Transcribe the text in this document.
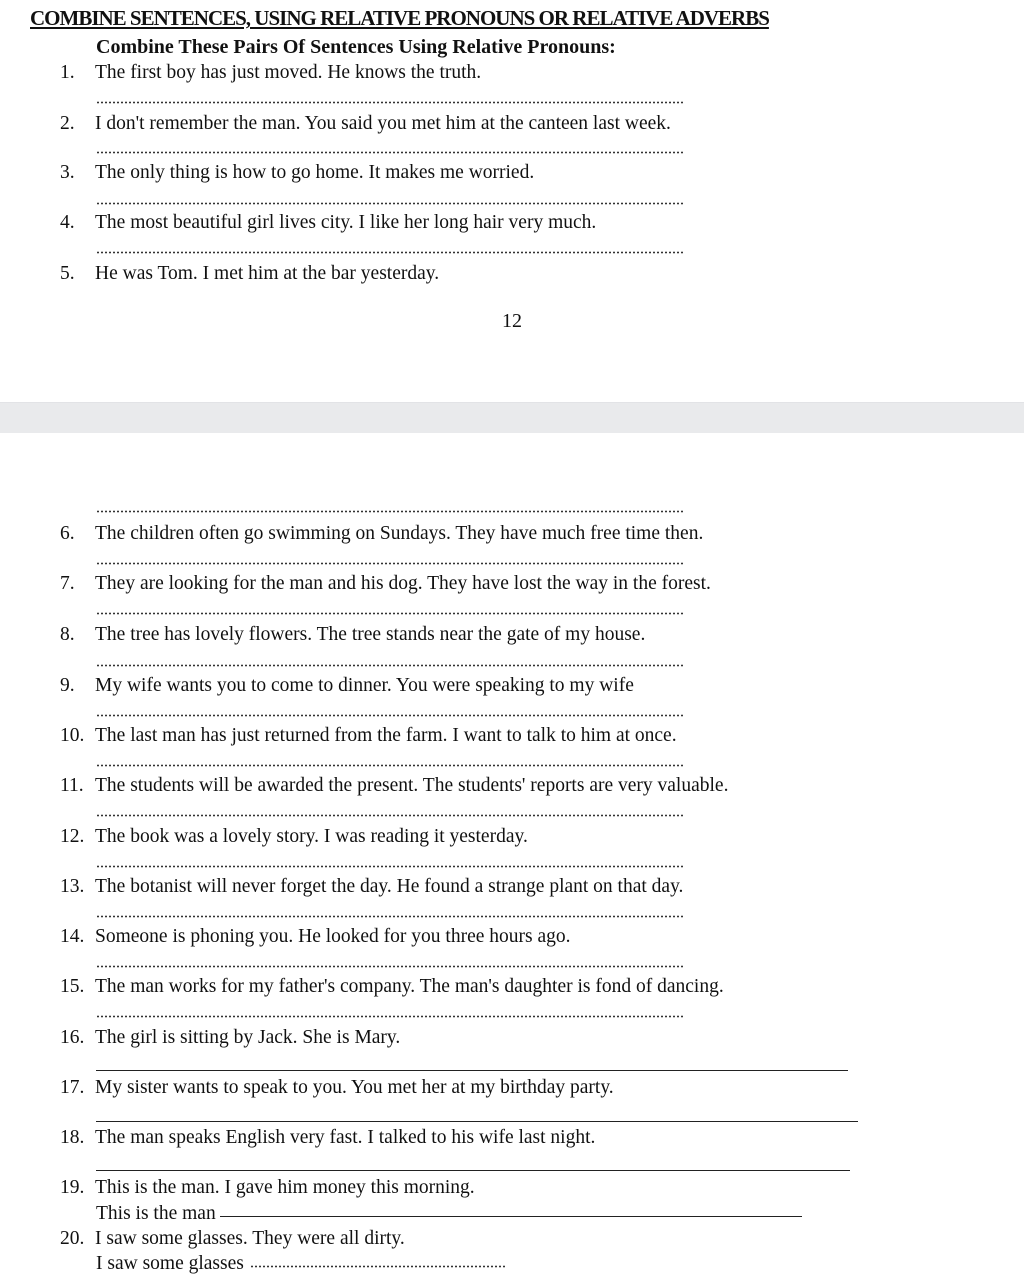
COMBINE SENTENCES, USING RELATIVE PRONOUNS OR RELATIVE ADVERBS
Combine These Pairs Of Sentences Using Relative Pronouns:
1. The first boy has just moved. He knows the truth.
2. I don't remember the man. You said you met him at the canteen last week.
3. The only thing is how to go home. It makes me worried.
4. The most beautiful girl lives city. I like her long hair very much.
5. He was Tom. I met him at the bar yesterday.
12
6. The children often go swimming on Sundays. They have much free time then.
7. They are looking for the man and his dog. They have lost the way in the forest.
8. The tree has lovely flowers. The tree stands near the gate of my house.
9. My wife wants you to come to dinner. You were speaking to my wife
10. The last man has just returned from the farm. I want to talk to him at once.
11. The students will be awarded the present. The students' reports are very valuable.
12. The book was a lovely story. I was reading it yesterday.
13. The botanist will never forget the day. He found a strange plant on that day.
14. Someone is phoning you. He looked for you three hours ago.
15. The man works for my father's company. The man's daughter is fond of dancing.
16. The girl is sitting by Jack. She is Mary.
17. My sister wants to speak to you. You met her at my birthday party.
18. The man speaks English very fast. I talked to his wife last night.
19. This is the man. I gave him money this morning.
This is the man
20. I saw some glasses. They were all dirty.
I saw some glasses
